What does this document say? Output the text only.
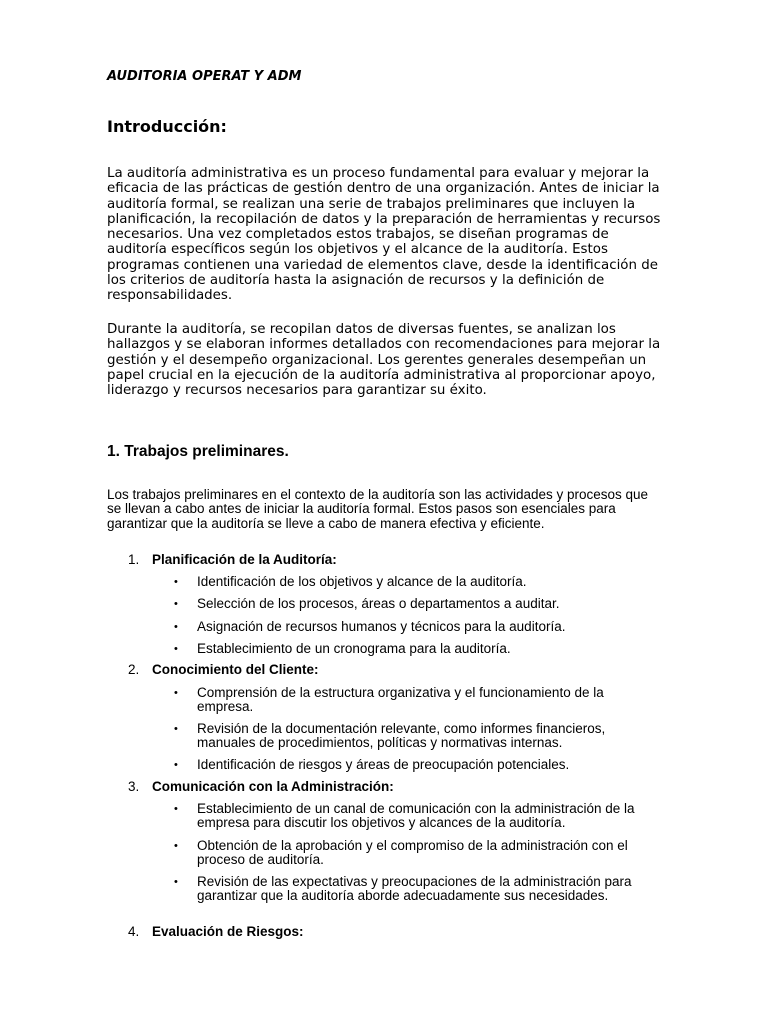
AUDITORIA OPERAT Y ADM

Introducción:

La auditoría administrativa es un proceso fundamental para evaluar y mejorar la eficacia de las prácticas de gestión dentro de una organización. Antes de iniciar la auditoría formal, se realizan una serie de trabajos preliminares que incluyen la planificación, la recopilación de datos y la preparación de herramientas y recursos necesarios. Una vez completados estos trabajos, se diseñan programas de auditoría específicos según los objetivos y el alcance de la auditoría. Estos programas contienen una variedad de elementos clave, desde la identificación de los criterios de auditoría hasta la asignación de recursos y la definición de responsabilidades.

Durante la auditoría, se recopilan datos de diversas fuentes, se analizan los hallazgos y se elaboran informes detallados con recomendaciones para mejorar la gestión y el desempeño organizacional. Los gerentes generales desempeñan un papel crucial en la ejecución de la auditoría administrativa al proporcionar apoyo, liderazgo y recursos necesarios para garantizar su éxito.

1. Trabajos preliminares.

Los trabajos preliminares en el contexto de la auditoría son las actividades y procesos que se llevan a cabo antes de iniciar la auditoría formal. Estos pasos son esenciales para garantizar que la auditoría se lleve a cabo de manera efectiva y eficiente.

1. Planificación de la Auditoría:
• Identificación de los objetivos y alcance de la auditoría.
• Selección de los procesos, áreas o departamentos a auditar.
• Asignación de recursos humanos y técnicos para la auditoría.
• Establecimiento de un cronograma para la auditoría.
2. Conocimiento del Cliente:
• Comprensión de la estructura organizativa y el funcionamiento de la empresa.
• Revisión de la documentación relevante, como informes financieros, manuales de procedimientos, políticas y normativas internas.
• Identificación de riesgos y áreas de preocupación potenciales.
3. Comunicación con la Administración:
• Establecimiento de un canal de comunicación con la administración de la empresa para discutir los objetivos y alcances de la auditoría.
• Obtención de la aprobación y el compromiso de la administración con el proceso de auditoría.
• Revisión de las expectativas y preocupaciones de la administración para garantizar que la auditoría aborde adecuadamente sus necesidades.
4. Evaluación de Riesgos:
